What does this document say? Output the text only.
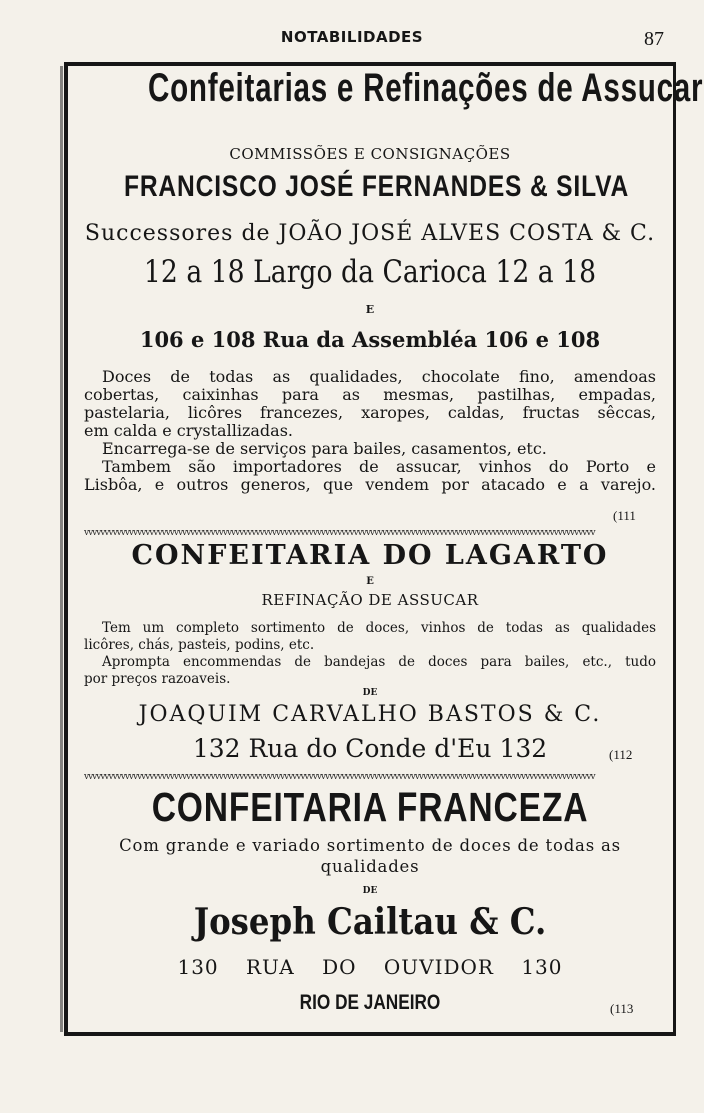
NOTABILIDADES	87
Confeitarias e Refinações de Assucar
COMMISSÕES E CONSIGNAÇÕES
FRANCISCO JOSÉ FERNANDES & SILVA
Successores de JOÃO JOSÉ ALVES COSTA & C.
12 a 18 Largo da Carioca 12 a 18
E
106 e 108 Rua da Assembléa 106 e 108

Doces de todas as qualidades, chocolate fino, amendoas

cobertas, caixinhas para as mesmas, pastilhas, empadas,

pastelaria, licôres francezes, xaropes, caldas, fructas sêccas,

em calda e crystallizadas.

Encarrega-se de serviços para bailes, casamentos, etc.

Tambem são importadores de assucar, vinhos do Porto e

Lisbôa, e outros generos, que vendem por atacado e a varejo.

(111
vvvvvvvvvvvvvvvvvvvvvvvvvvvvvvvvvvvvvvvvvvvvvvvvvvvvvvvvvvvvvvvvvvvvvvvvvvvvvvvvvvvvvvvvvvvvvvvvvvvvvvvvvvvvvvvvvvvvvvvvvvvvv
CONFEITARIA DO LAGARTO
E
REFINAÇÃO DE ASSUCAR

Tem um completo sortimento de doces, vinhos de todas as qualidades

licôres, chás, pasteis, podins, etc.

Apromptа encommendas de bandejas de doces para bailes, etc., tudo

por preços razoaveis.

DE
JOAQUIM CARVALHO BASTOS & C.
132 Rua do Conde d'Eu 132	(112
vvvvvvvvvvvvvvvvvvvvvvvvvvvvvvvvvvvvvvvvvvvvvvvvvvvvvvvvvvvvvvvvvvvvvvvvvvvvvvvvvvvvvvvvvvvvvvvvvvvvvvvvvvvvvvvvvvvvvvvvvvvvv
CONFEITARIA FRANCEZA
Com grande e variado sortimento de doces de todas as
qualidades
DE
Joseph Cailtau & C.
130 RUA DO OUVIDOR 130
RIO DE JANEIRO	(113
